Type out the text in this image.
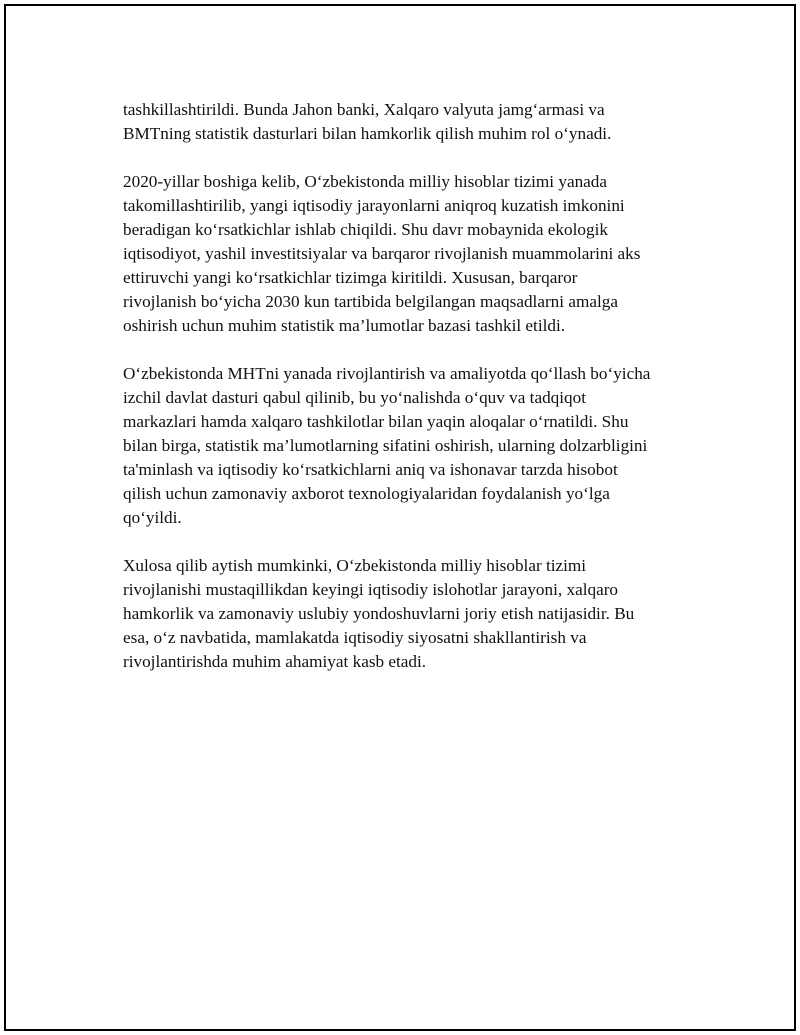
tashkillashtirildi. Bunda Jahon banki, Xalqaro valyuta jamg‘armasi va
BMTning statistik dasturlari bilan hamkorlik qilish muhim rol o‘ynadi.

2020-yillar boshiga kelib, O‘zbekistonda milliy hisoblar tizimi yanada
takomillashtirilib, yangi iqtisodiy jarayonlarni aniqroq kuzatish imkonini
beradigan ko‘rsatkichlar ishlab chiqildi. Shu davr mobaynida ekologik
iqtisodiyot, yashil investitsiyalar va barqaror rivojlanish muammolarini aks
ettiruvchi yangi ko‘rsatkichlar tizimga kiritildi. Xususan, barqaror
rivojlanish bo‘yicha 2030 kun tartibida belgilangan maqsadlarni amalga
oshirish uchun muhim statistik ma’lumotlar bazasi tashkil etildi.

O‘zbekistonda MHTni yanada rivojlantirish va amaliyotda qo‘llash bo‘yicha
izchil davlat dasturi qabul qilinib, bu yo‘nalishda o‘quv va tadqiqot
markazlari hamda xalqaro tashkilotlar bilan yaqin aloqalar o‘rnatildi. Shu
bilan birga, statistik ma’lumotlarning sifatini oshirish, ularning dolzarbligini
ta'minlash va iqtisodiy ko‘rsatkichlarni aniq va ishonavar tarzda hisobot
qilish uchun zamonaviy axborot texnologiyalaridan foydalanish yo‘lga
qo‘yildi.

Xulosa qilib aytish mumkinki, O‘zbekistonda milliy hisoblar tizimi
rivojlanishi mustaqillikdan keyingi iqtisodiy islohotlar jarayoni, xalqaro
hamkorlik va zamonaviy uslubiy yondoshuvlarni joriy etish natijasidir. Bu
esa, o‘z navbatida, mamlakatda iqtisodiy siyosatni shakllantirish va
rivojlantirishda muhim ahamiyat kasb etadi.
